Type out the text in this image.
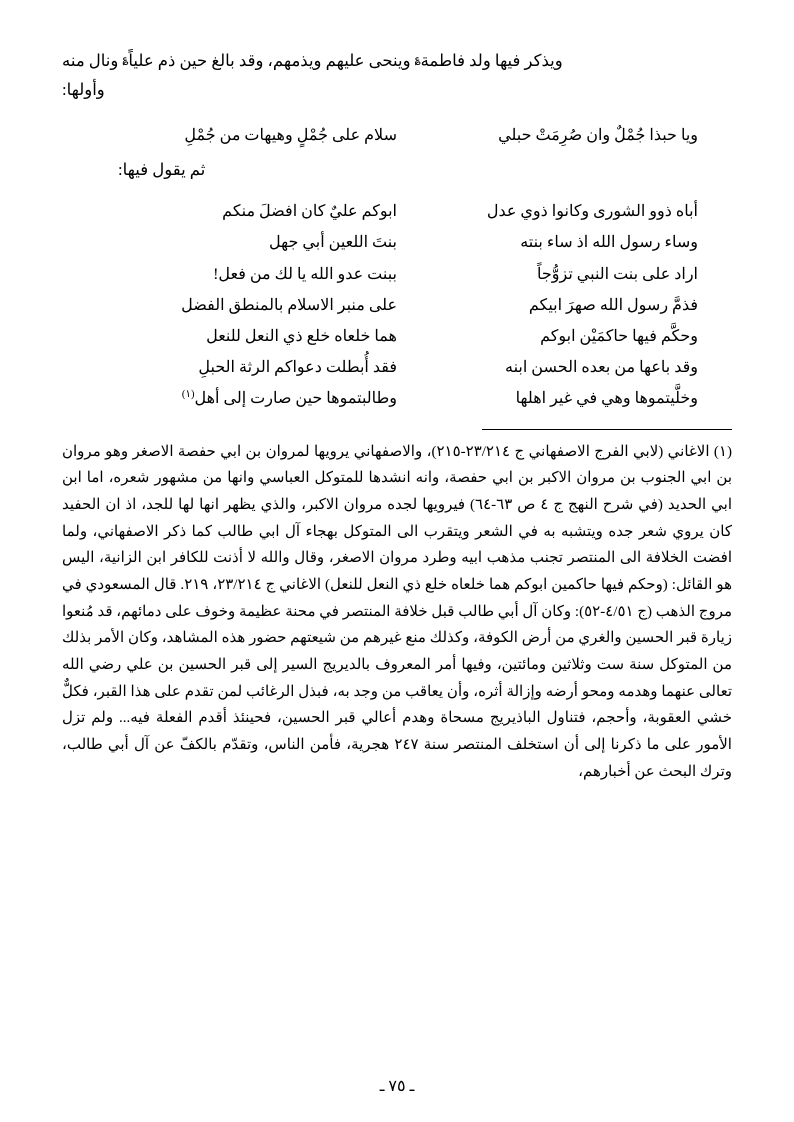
ويذكر فيها ولد فاطمة؏ وينحى عليهم ويذمهم، وقد بالغ حين ذم علياً؏ ونال منه
وأولها:
ويا حبذا جُمْلٌ وان صُرِمَتْ حبلي
سلام على جُمْلٍ وهيهات من جُمْلِ
ثم يقول فيها:
أباه ذوو الشورى وكانوا ذوي عدل
ابوكم عليٌ كان افضلَ منكم
وساء رسول الله اذ ساء بنته
بنتَ اللعين أبي جهل
اراد على بنت النبي تزوُّجاً
ببنت عدو الله يا لك من فعل!
فذمَّ رسول الله صهرَ ابيكم
على منبر الاسلام بالمنطق الفضل
وحكَّم فيها حاكمَيْن ابوكم
هما خلعاه خلع ذي النعل للنعل
وقد باعها من بعده الحسن ابنه
فقد أُبطلت دعواكم الرثة الحبلِ
وخلَّيتموها وهي في غير اهلها
وطالبتموها حين صارت إلى أهل$^{(١)}$

(١) الاغاني (لابي الفرج الاصفهاني ج ٢٣/٢١٤-٢١٥)، والاصفهاني يرويها لمروان بن ابي حفصة الاصغر وهو مروان بن ابي الجنوب بن مروان الاكبر بن ابي حفصة، وانه انشدها للمتوكل العباسي وانها من مشهور شعره، اما ابن ابي الحديد (في شرح النهج ج ٤ ص ٦٣-٦٤) فيرويها لجده مروان الاكبر، والذي يظهر انها لها للجد، اذ ان الحفيد كان يروي شعر جده ويتشبه به في الشعر ويتقرب الى المتوكل بهجاء آل ابي طالب كما ذكر الاصفهاني، ولما افضت الخلافة الى المنتصر تجنب مذهب ابيه وطرد مروان الاصغر، وقال والله لا أذنت للكافر ابن الزانية، اليس هو القائل: (وحكم فيها حاكمين ابوكم هما خلعاه خلع ذي النعل للنعل) الاغاني ج ٢٣/٢١٤، ٢١٩. قال المسعودي في مروج الذهب (ج ٤/٥١-٥٢): وكان آل أبي طالب قبل خلافة المنتصر في محنة عظيمة وخوف على دمائهم، قد مُنعوا زيارة قبر الحسين والغري من أرض الكوفة، وكذلك منع غيرهم من شيعتهم حضور هذه المشاهد، وكان الأمر بذلك من المتوكل سنة ست وثلاثين ومائتين، وفيها أمر المعروف بالديريج السير إلى قبر الحسين بن علي رضي الله تعالى عنهما وهدمه ومحو أرضه وإزالة أثره، وأن يعاقب من وجد به، فبذل الرغائب لمن تقدم على هذا القبر، فكلٌّ خشي العقوبة، وأحجم، فتناول الباذيريج مسحاة وهدم أعالي قبر الحسين، فحينئذ أقدم الفعلة فيه... ولم تزل الأمور على ما ذكرنا إلى أن استخلف المنتصر سنة ٢٤٧ هجرية، فأمن الناس، وتقدّم بالكفّ عن آل أبي طالب، وترك البحث عن أخبارهم،

ـ ٧٥ ـ
